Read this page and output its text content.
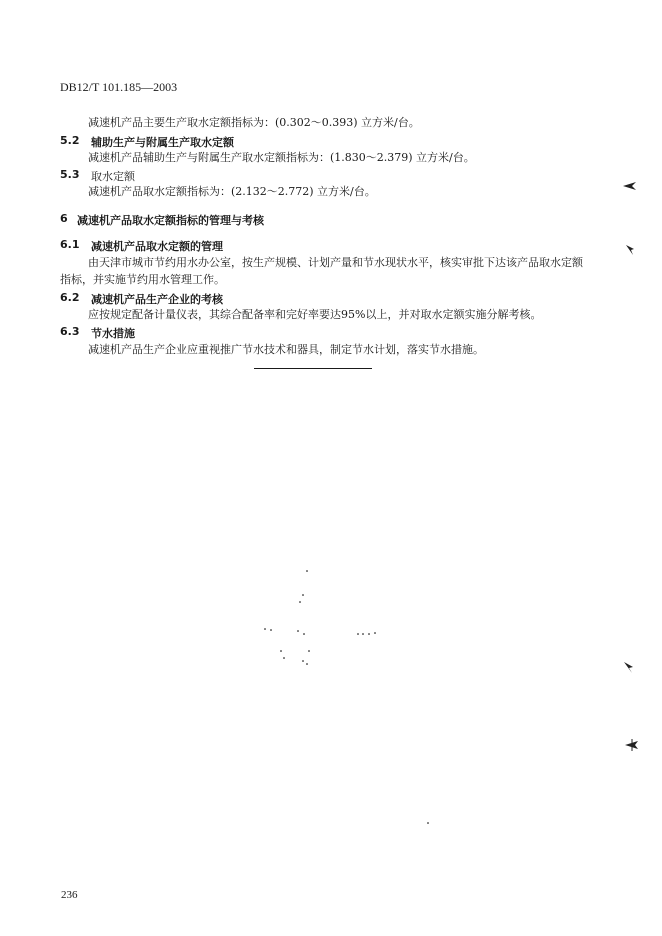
DB12/T 101.185—2003
减速机产品主要生产取水定额指标为：(0.302～0.393) 立方米/台。
5.2 辅助生产与附属生产取水定额
减速机产品辅助生产与附属生产取水定额指标为：(1.830～2.379) 立方米/台。
5.3 取水定额
减速机产品取水定额指标为：(2.132～2.772) 立方米/台。
6 减速机产品取水定额指标的管理与考核
6.1 减速机产品取水定额的管理
由天津市城市节约用水办公室，按生产规模、计划产量和节水现状水平，核实审批下达该产品取水定额
指标，并实施节约用水管理工作。
6.2 减速机产品生产企业的考核
应按规定配备计量仪表，其综合配备率和完好率要达95%以上，并对取水定额实施分解考核。
6.3 节水措施
减速机产品生产企业应重视推广节水技术和器具，制定节水计划，落实节水措施。
236
